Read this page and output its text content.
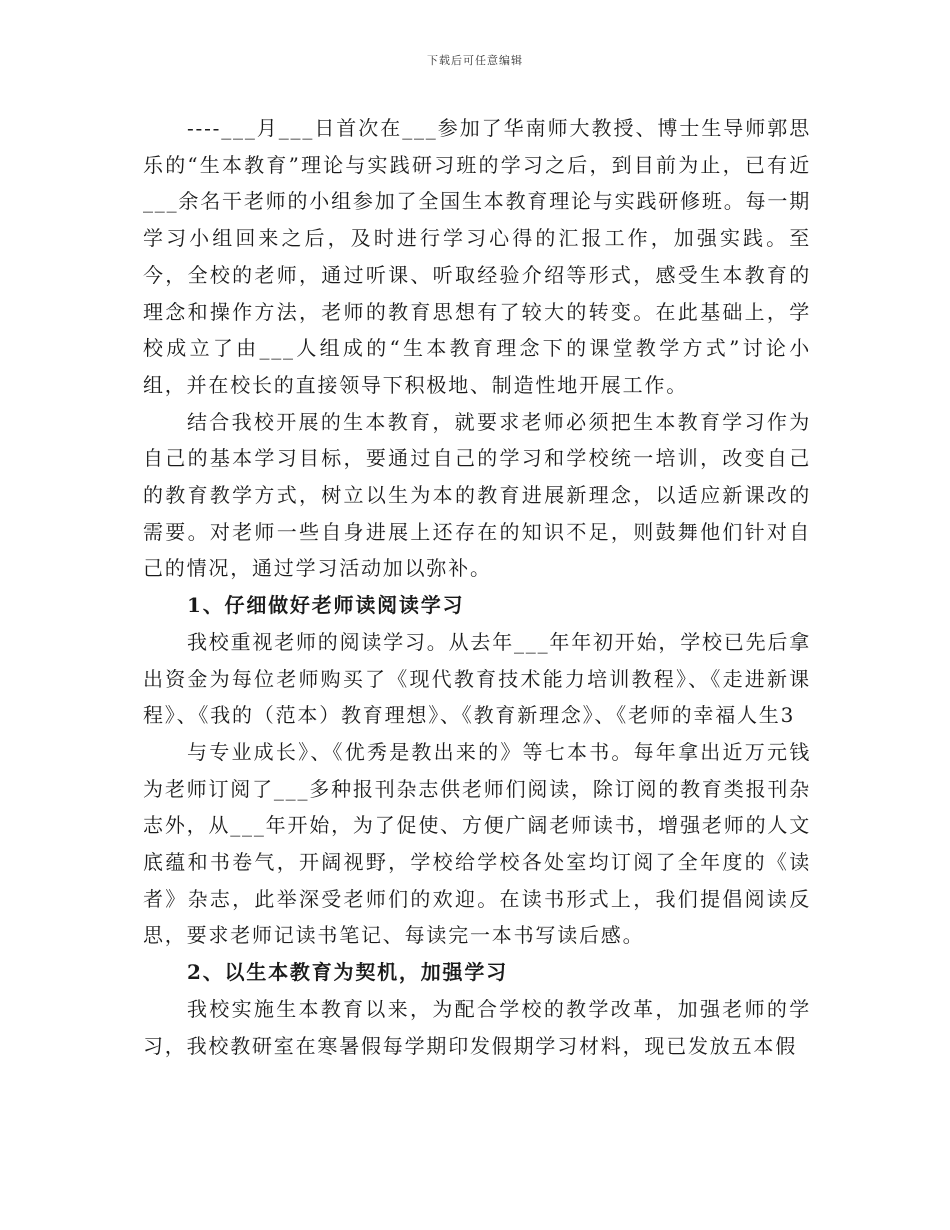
下载后可任意编辑

----___月___日首次在___参加了华南师大教授、博士生导师郭思乐的“生本教育”理论与实践研习班的学习之后，到目前为止，已有近___余名干老师的小组参加了全国生本教育理论与实践研修班。每一期学习小组回来之后，及时进行学习心得的汇报工作，加强实践。至今，全校的老师，通过听课、听取经验介绍等形式，感受生本教育的理念和操作方法，老师的教育思想有了较大的转变。在此基础上，学校成立了由___人组成的“生本教育理念下的课堂教学方式”讨论小组，并在校长的直接领导下积极地、制造性地开展工作。

结合我校开展的生本教育，就要求老师必须把生本教育学习作为自己的基本学习目标，要通过自己的学习和学校统一培训，改变自己的教育教学方式，树立以生为本的教育进展新理念，以适应新课改的需要。对老师一些自身进展上还存在的知识不足，则鼓舞他们针对自己的情况，通过学习活动加以弥补。

1、仔细做好老师读阅读学习

我校重视老师的阅读学习。从去年___年年初开始，学校已先后拿出资金为每位老师购买了《现代教育技术能力培训教程》、《走进新课程》、《我的（范本）教育理想》、《教育新理念》、《老师的幸福人生3

与专业成长》、《优秀是教出来的》等七本书。每年拿出近万元钱为老师订阅了___多种报刊杂志供老师们阅读，除订阅的教育类报刊杂志外，从___年开始，为了促使、方便广阔老师读书，增强老师的人文底蕴和书卷气，开阔视野，学校给学校各处室均订阅了全年度的《读者》杂志，此举深受老师们的欢迎。在读书形式上，我们提倡阅读反思，要求老师记读书笔记、每读完一本书写读后感。

2、以生本教育为契机，加强学习

我校实施生本教育以来，为配合学校的教学改革，加强老师的学习，我校教研室在寒暑假每学期印发假期学习材料，现已发放五本假
